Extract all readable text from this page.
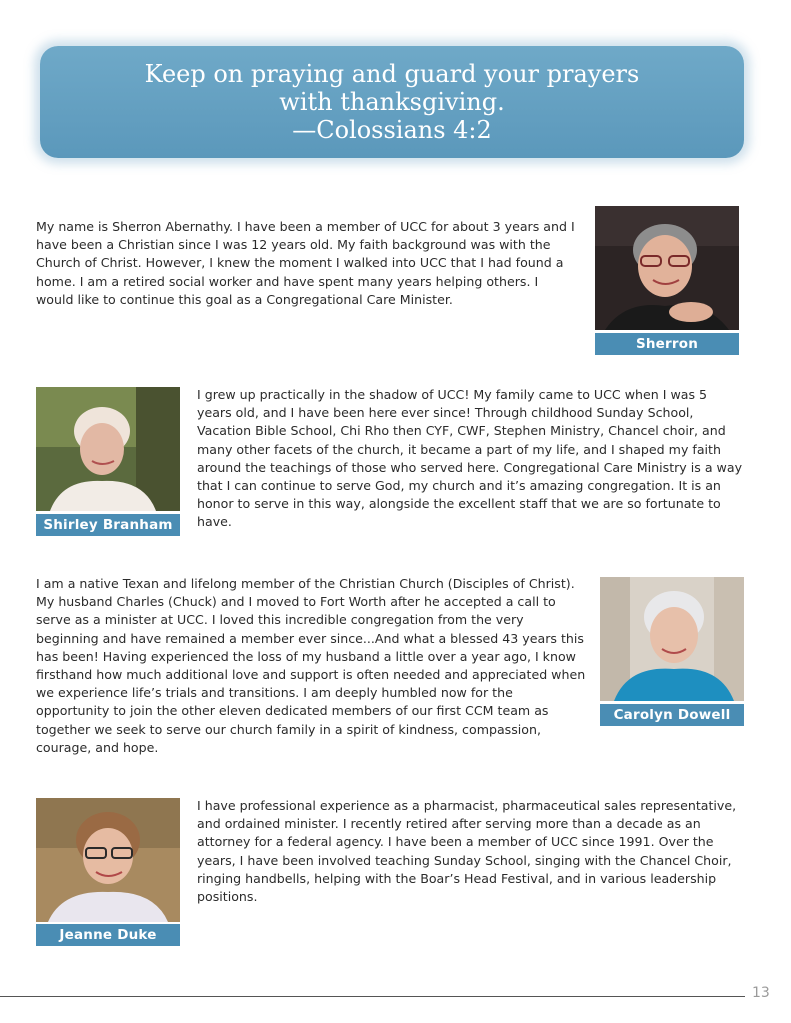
Keep on praying and guard your prayers
with thanksgiving.
—Colossians 4:2

My name is Sherron Abernathy. I have been a member of UCC for about 3 years and I have been a Christian since I was 12 years old. My faith background was with the Church of Christ. However, I knew the moment I walked into UCC that I had found a home. I am a retired social worker and have spent many years helping others. I would like to continue this goal as a Congregational Care Minister.

Sherron Abernathy
Shirley Branham

I grew up practically in the shadow of UCC! My family came to UCC when I was 5 years old, and I have been here ever since! Through childhood Sunday School, Vacation Bible School, Chi Rho then CYF, CWF, Stephen Ministry, Chancel choir, and many other facets of the church, it became a part of my life, and I shaped my faith around the teachings of those who served here. Congregational Care Ministry is a way that I can continue to serve God, my church and it’s amazing congregation. It is an honor to serve in this way, alongside the excellent staff that we are so fortunate to have.

I am a native Texan and lifelong member of the Christian Church (Disciples of Christ). My husband Charles (Chuck) and I moved to Fort Worth after he accepted a call to serve as a minister at UCC. I loved this incredible congregation from the very beginning and have remained a member ever since...And what a blessed 43 years this has been! Having experienced the loss of my husband a little over a year ago, I know firsthand how much additional love and support is often needed and appreciated when we experience life’s trials and transitions. I am deeply humbled now for the opportunity to join the other eleven dedicated members of our first CCM team as together we seek to serve our church family in a spirit of kindness, compassion, courage, and hope.

Carolyn Dowell
Jeanne Duke

I have professional experience as a pharmacist, pharmaceutical sales representative, and ordained minister. I recently retired after serving more than a decade as an attorney for a federal agency. I have been a member of UCC since 1991. Over the years, I have been involved teaching Sunday School, singing with the Chancel Choir, ringing handbells, helping with the Boar’s Head Festival, and in various leadership positions.

13
